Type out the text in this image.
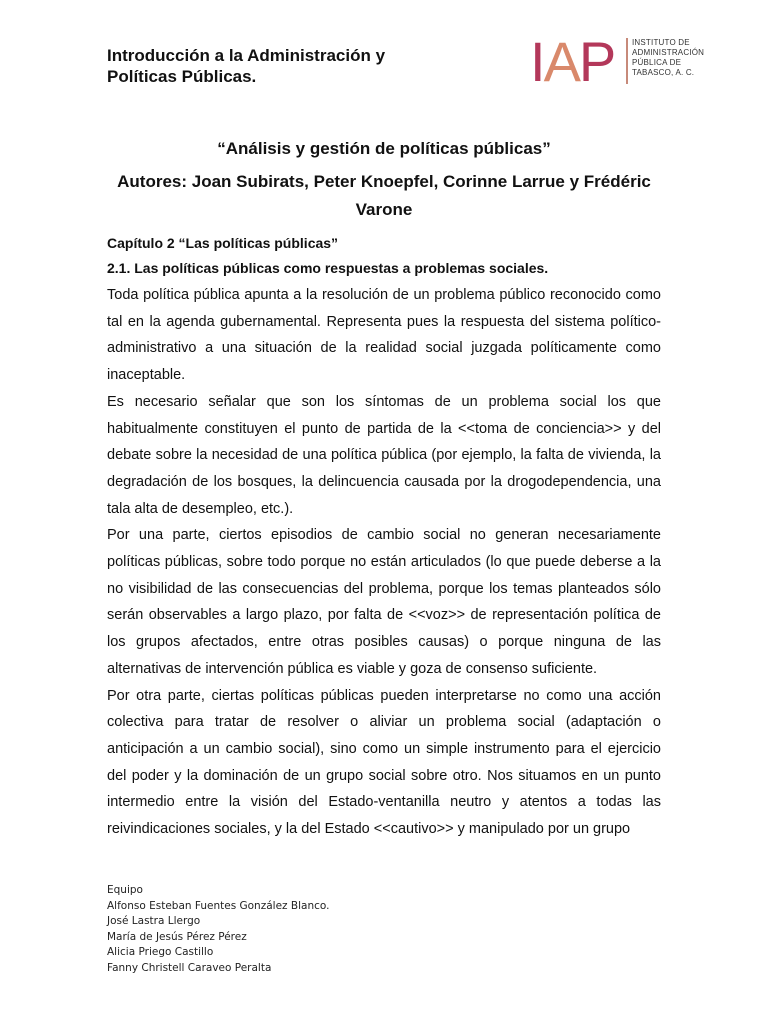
Introducción a la Administración y
Políticas Públicas.	IAP INSTITUTO DE
ADMINISTRACIÓN
PÚBLICA DE
TABASCO, A. C.
“Análisis y gestión de políticas públicas”
Autores: Joan Subirats, Peter Knoepfel, Corinne Larrue y Frédéric Varone
Capítulo 2 “Las políticas públicas”
2.1. Las políticas públicas como respuestas a problemas sociales.

Toda política pública apunta a la resolución de un problema público reconocido como tal en la agenda gubernamental. Representa pues la respuesta del sistema político-administrativo a una situación de la realidad social juzgada políticamente como inaceptable.

Es necesario señalar que son los síntomas de un problema social los que habitualmente constituyen el punto de partida de la <<toma de conciencia>> y del debate sobre la necesidad de una política pública (por ejemplo, la falta de vivienda, la degradación de los bosques, la delincuencia causada por la drogodependencia, una tala alta de desempleo, etc.).

Por una parte, ciertos episodios de cambio social no generan necesariamente políticas públicas, sobre todo porque no están articulados (lo que puede deberse a la no visibilidad de las consecuencias del problema, porque los temas planteados sólo serán observables a largo plazo, por falta de <<voz>> de representación política de los grupos afectados, entre otras posibles causas) o porque ninguna de las alternativas de intervención pública es viable y goza de consenso suficiente.

Por otra parte, ciertas políticas públicas pueden interpretarse no como una acción colectiva para tratar de resolver o aliviar un problema social (adaptación o anticipación a un cambio social), sino como un simple instrumento para el ejercicio del poder y la dominación de un grupo social sobre otro. Nos situamos en un punto intermedio entre la visión del Estado-ventanilla neutro y atentos a todas las reivindicaciones sociales, y la del Estado <<cautivo>> y manipulado por un grupo

Equipo
Alfonso Esteban Fuentes González Blanco.
José Lastra Llergo
María de Jesús Pérez Pérez
Alicia Priego Castillo
Fanny Christell Caraveo Peralta
